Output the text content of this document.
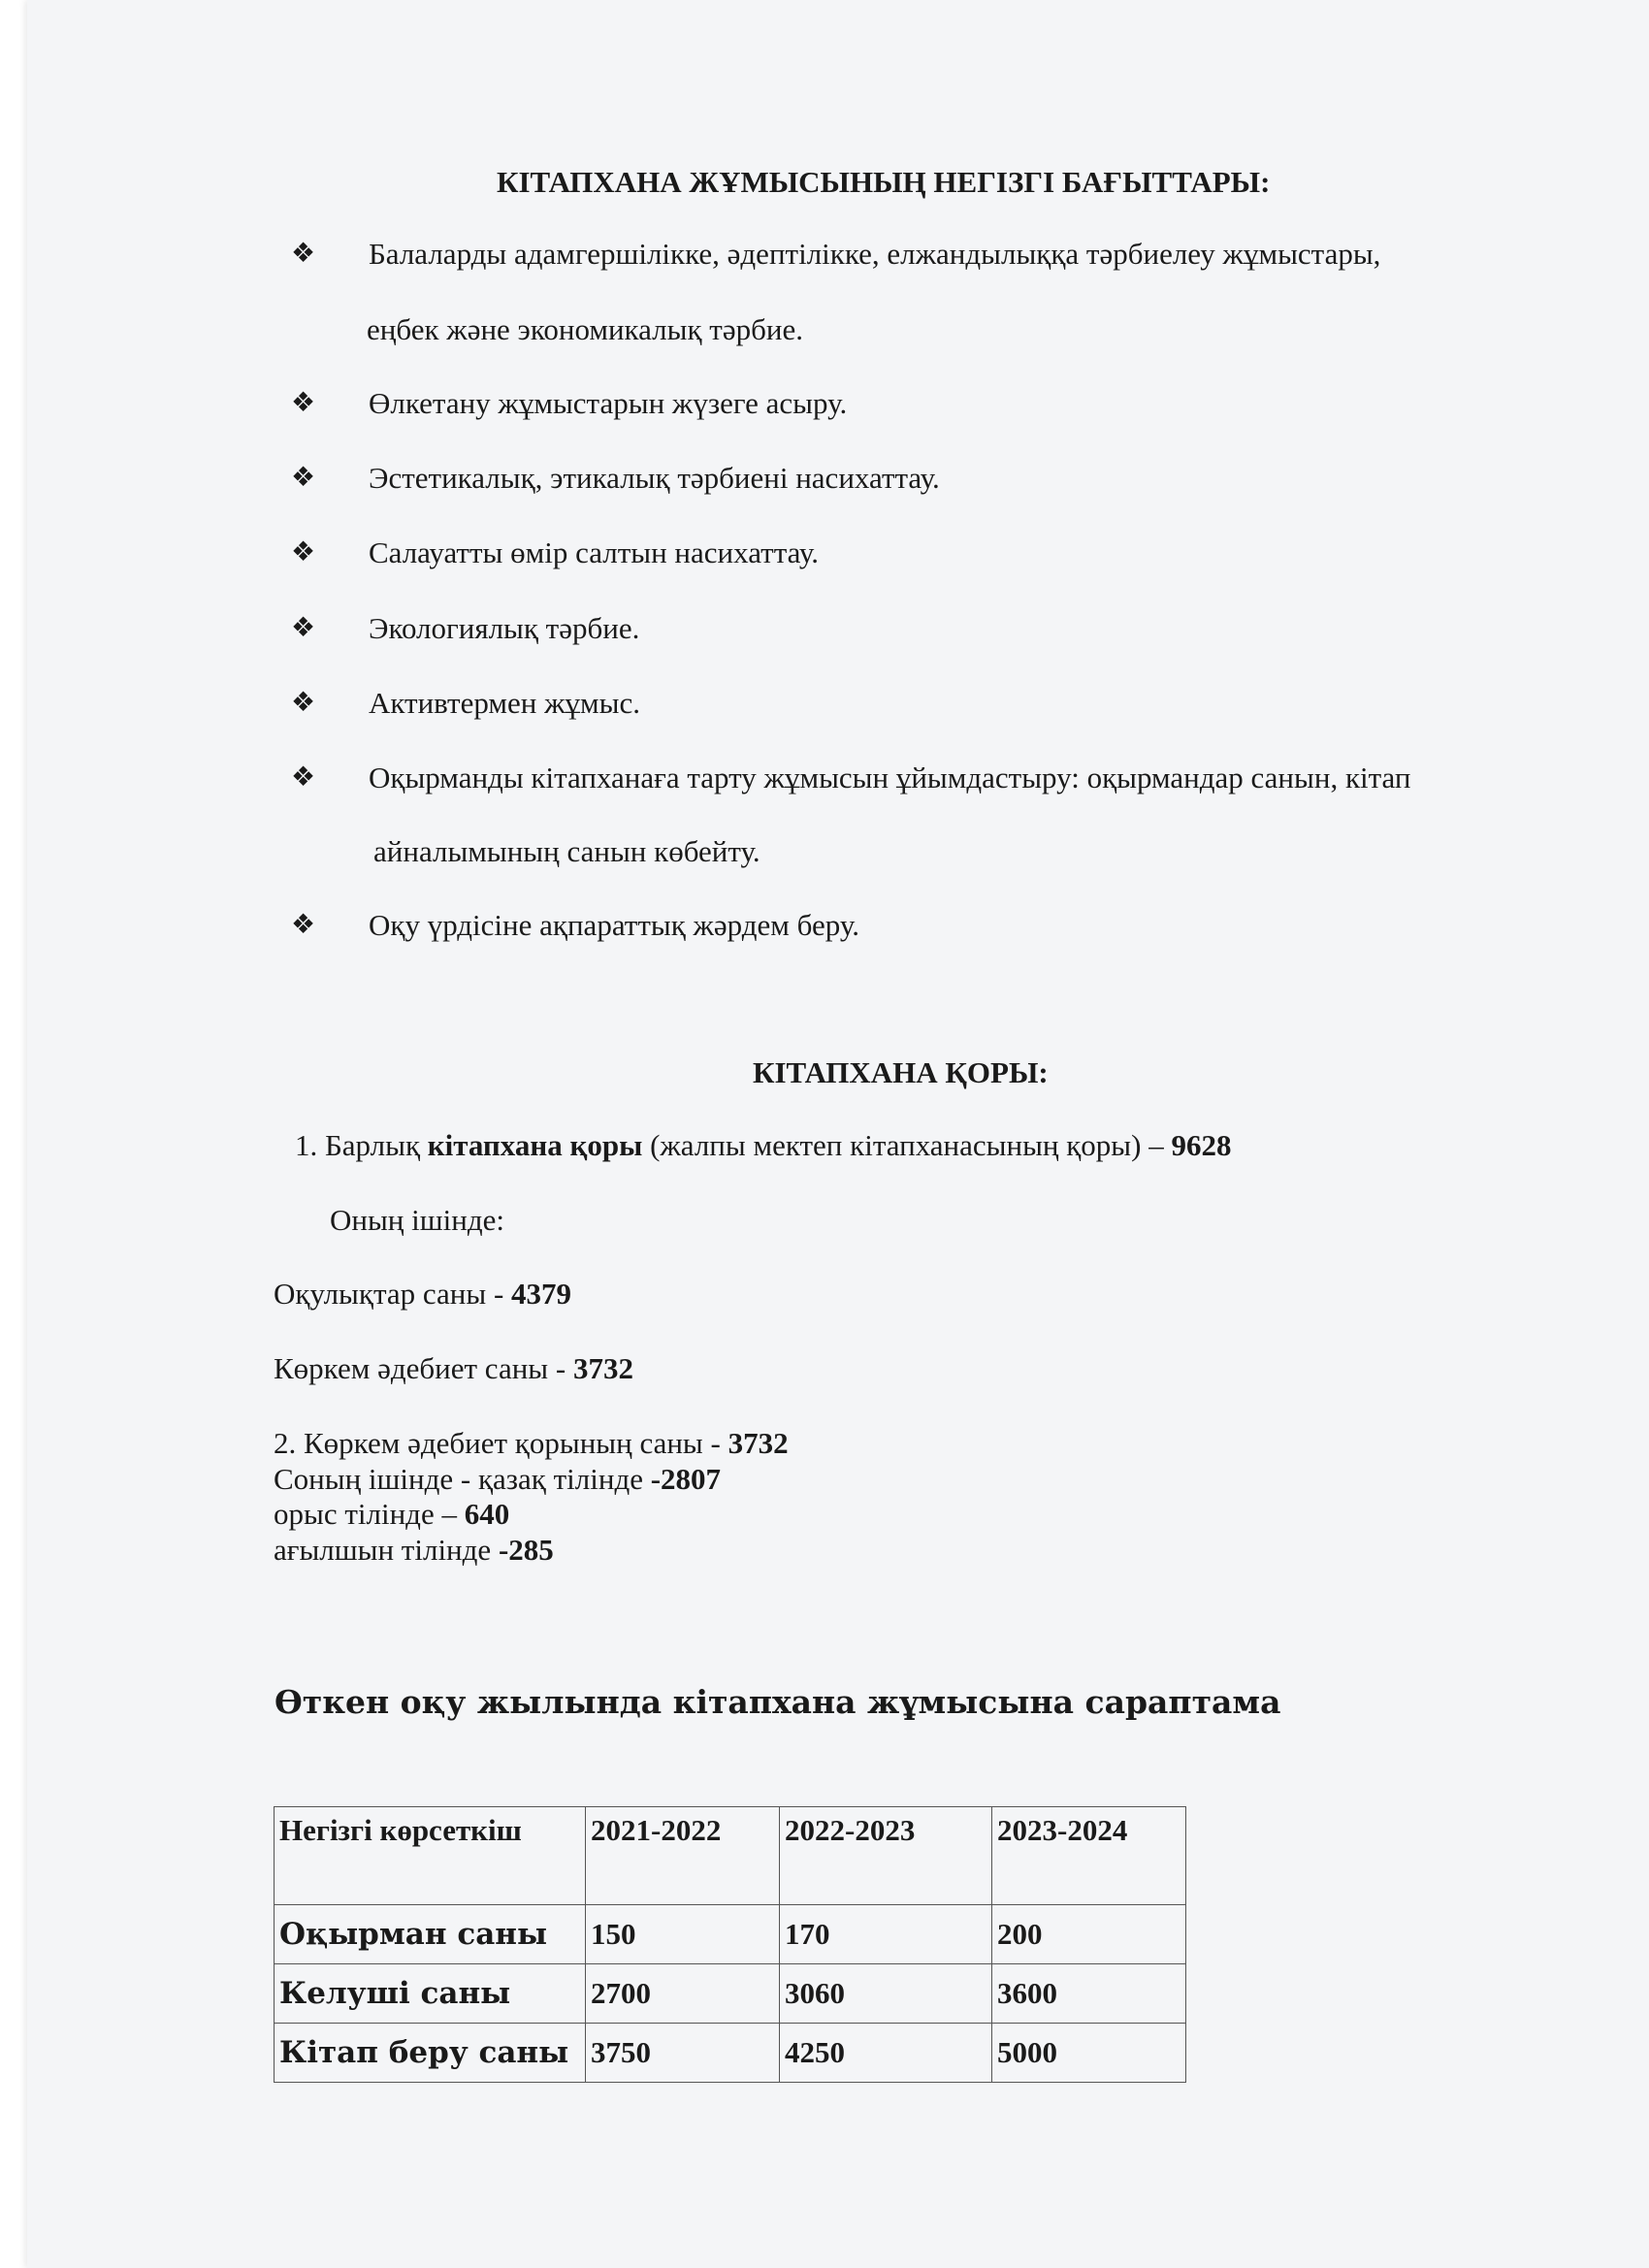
КІТАПХАНА ЖҰМЫСЫНЫҢ НЕГІЗГІ БАҒЫТТАРЫ:
❖ Балаларды адамгершілікке, әдептілікке, елжандылыққа тәрбиелеу жұмыстары,
еңбек және экономикалық тәрбие.
❖ Өлкетану жұмыстарын жүзеге асыру.
❖ Эстетикалық, этикалық тәрбиені насихаттау.
❖ Салауатты өмір салтын насихаттау.
❖ Экологиялық тәрбие.
❖ Активтермен жұмыс.
❖ Оқырманды кітапханаға тарту жұмысын ұйымдастыру: оқырмандар санын, кітап
айналымының санын көбейту.
❖ Оқу үрдісіне ақпараттық жәрдем беру.
КІТАПХАНА ҚОРЫ:
1. Барлық кітапхана қоры (жалпы мектеп кітапханасының қоры) – 9628
Оның ішінде:
Оқулықтар саны - 4379
Көркем әдебиет саны - 3732
2. Көркем әдебиет қорының саны - 3732
Соның ішінде - қазақ тілінде -2807
орыс тілінде – 640
ағылшын тілінде -285
Өткен оқу жылында кітапхана жұмысына сараптама
Негізгі көрсеткіш	2021-2022	2022-2023	2023-2024
Оқырман саны	150	170	200
Келуші саны	2700	3060	3600
Кітап беру саны	3750	4250	5000
